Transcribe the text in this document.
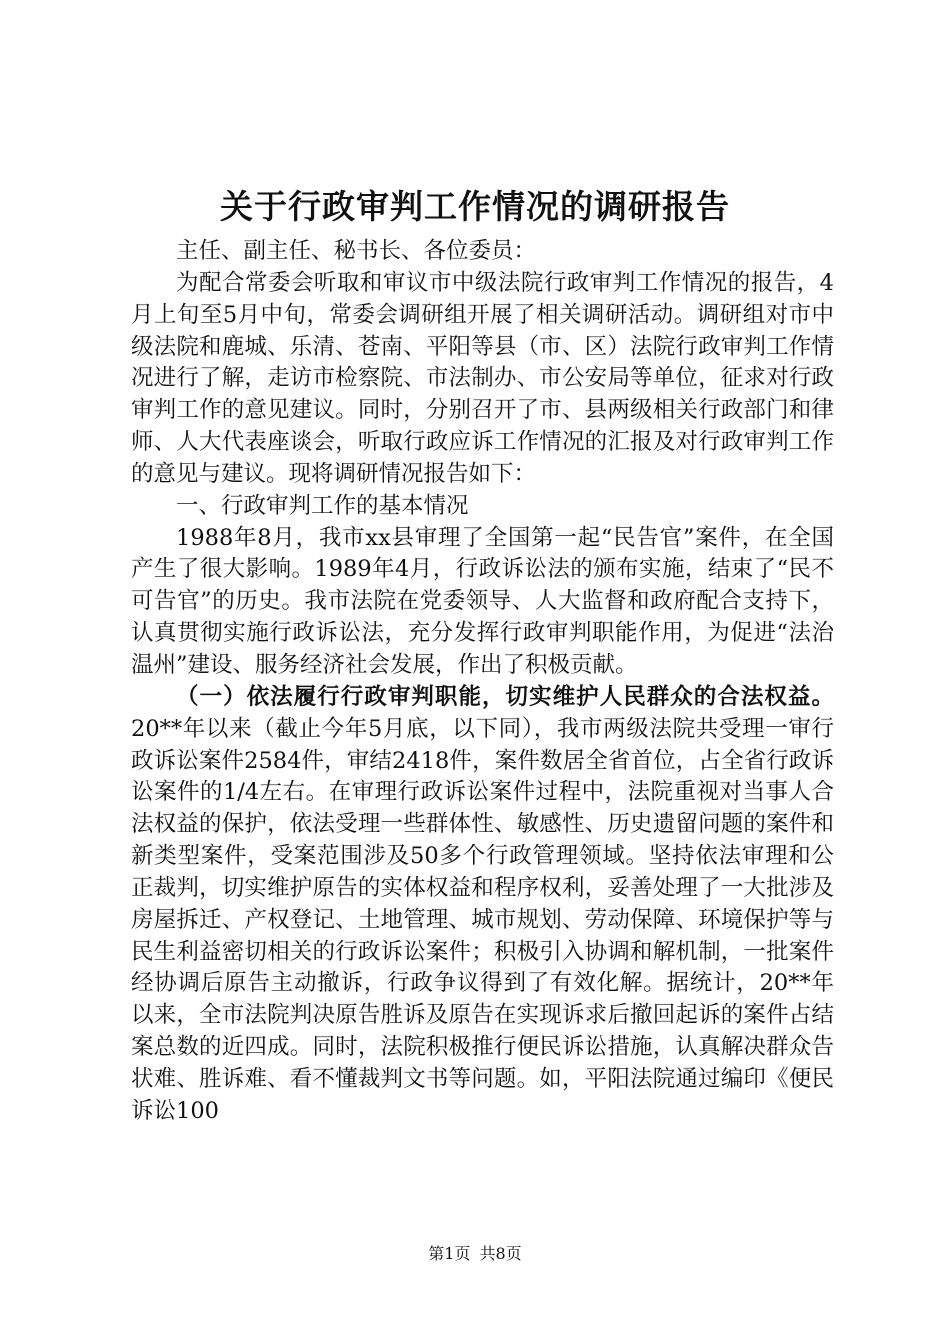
关于行政审判工作情况的调研报告

主任、副主任、秘书长、各位委员：

为配合常委会听取和审议市中级法院行政审判工作情况的报告，4月上旬至5月中旬，常委会调研组开展了相关调研活动。调研组对市中级法院和鹿城、乐清、苍南、平阳等县（市、区）法院行政审判工作情况进行了解，走访市检察院、市法制办、市公安局等单位，征求对行政审判工作的意见建议。同时，分别召开了市、县两级相关行政部门和律师、人大代表座谈会，听取行政应诉工作情况的汇报及对行政审判工作的意见与建议。现将调研情况报告如下：

一、行政审判工作的基本情况

1988年8月，我市xx县审理了全国第一起“民告官”案件，在全国产生了很大影响。1989年4月，行政诉讼法的颁布实施，结束了“民不可告官”的历史。我市法院在党委领导、人大监督和政府配合支持下，认真贯彻实施行政诉讼法，充分发挥行政审判职能作用，为促进“法治温州”建设、服务经济社会发展，作出了积极贡献。

（一）依法履行行政审判职能，切实维护人民群众的合法权益。20**年以来（截止今年5月底，以下同），我市两级法院共受理一审行政诉讼案件2584件，审结2418件，案件数居全省首位，占全省行政诉讼案件的1/4左右。在审理行政诉讼案件过程中，法院重视对当事人合法权益的保护，依法受理一些群体性、敏感性、历史遗留问题的案件和新类型案件，受案范围涉及50多个行政管理领域。坚持依法审理和公正裁判，切实维护原告的实体权益和程序权利，妥善处理了一大批涉及房屋拆迁、产权登记、土地管理、城市规划、劳动保障、环境保护等与民生利益密切相关的行政诉讼案件；积极引入协调和解机制，一批案件经协调后原告主动撤诉，行政争议得到了有效化解。据统计，20**年以来，全市法院判决原告胜诉及原告在实现诉求后撤回起诉的案件占结案总数的近四成。同时，法院积极推行便民诉讼措施，认真解决群众告状难、胜诉难、看不懂裁判文书等问题。如，平阳法院通过编印《便民诉讼100

第1页 共8页
